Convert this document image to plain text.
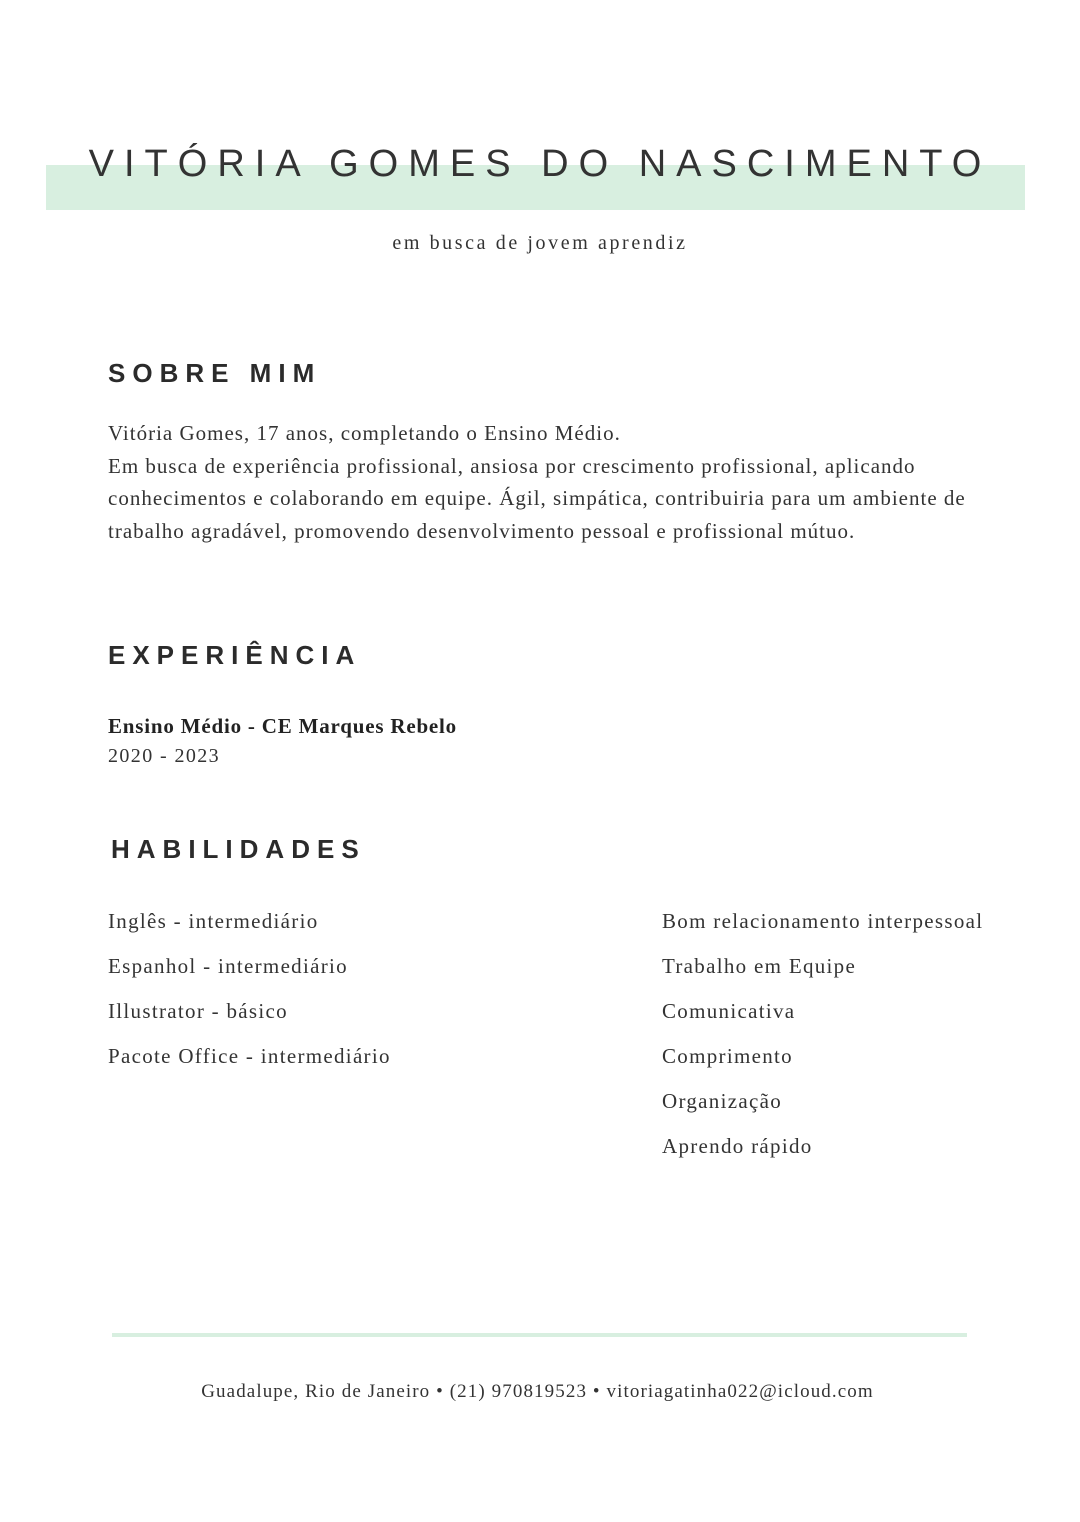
VITÓRIA GOMES DO NASCIMENTO
em busca de jovem aprendiz
SOBRE MIM

Vitória Gomes, 17 anos, completando o Ensino Médio.

Em busca de experiência profissional, ansiosa por crescimento profissional, aplicando conhecimentos e colaborando em equipe. Ágil, simpática, contribuiria para um ambiente de trabalho agradável, promovendo desenvolvimento pessoal e profissional mútuo.

EXPERIÊNCIA
Ensino Médio - CE Marques Rebelo
2020 - 2023
HABILIDADES
Inglês - intermediário
Espanhol - intermediário
Illustrator - básico
Pacote Office - intermediário
Bom relacionamento interpessoal
Trabalho em Equipe
Comunicativa
Comprimento
Organização
Aprendo rápido
Guadalupe, Rio de Janeiro • (21) 970819523 • vitoriagatinha022@icloud.com
